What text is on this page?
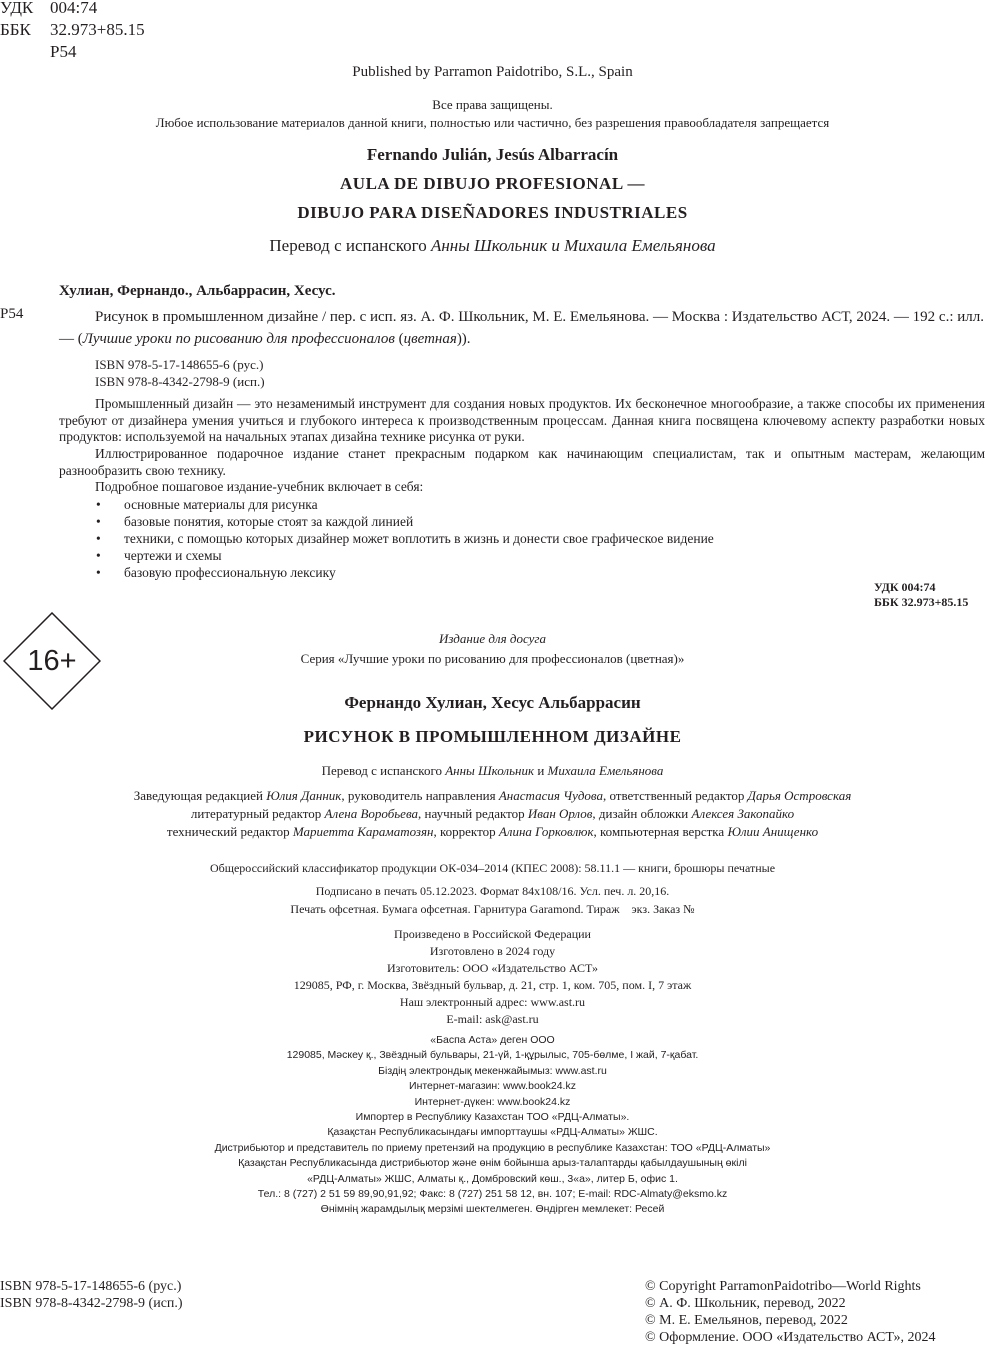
УДК 004:74
ББК 32.973+85.15
Р54
Published by Parramon Paidotribo, S.L., Spain
Все права защищены.
Любое использование материалов данной книги, полностью или частично, без разрешения правообладателя запрещается
Fernando Julián, Jesús Albarracín
AULA DE DIBUJO PROFESIONAL —
DIBUJO PARA DISEÑADORES INDUSTRIALES
Перевод с испанского Анны Школьник и Михаила Емельянова
Хулиан, Фернандо., Альбаррасин, Хесус.
Р54	Рисунок в промышленном дизайне / пер. с исп. яз. А. Ф. Школьник, М. Е. Емельянова. — Москва : Издательство АСТ, 2024. — 192 с.: илл. — (Лучшие уроки по рисованию для профессионалов (цветная)).
ISBN 978-5-17-148655-6 (рус.)
ISBN 978-8-4342-2798-9 (исп.)
Промышленный дизайн — это незаменимый инструмент для создания новых продуктов. Их бесконечное многообразие, а также способы их применения требуют от дизайнера умения учиться и глубокого интереса к производственным процессам. Данная книга посвящена ключевому аспекту разработки новых продуктов: используемой на начальных этапах дизайна технике рисунка от руки.
Иллюстрированное подарочное издание станет прекрасным подарком как начинающим специалистам, так и опытным мастерам, желающим разнообразить свою технику.
Подробное пошаговое издание-учебник включает в себя:
• основные материалы для рисунка
• базовые понятия, которые стоят за каждой линией
• техники, с помощью которых дизайнер может воплотить в жизнь и донести свое графическое видение
• чертежи и схемы
• базовую профессиональную лексику
УДК 004:74
ББК 32.973+85.15
16+
Издание для досуга
Серия «Лучшие уроки по рисованию для профессионалов (цветная)»
Фернандо Хулиан, Хесус Альбаррасин
РИСУНОК В ПРОМЫШЛЕННОМ ДИЗАЙНЕ
Перевод с испанского Анны Школьник и Михаила Емельянова
Заведующая редакцией Юлия Данник, руководитель направления Анастасия Чудова, ответственный редактор Дарья Островская
литературный редактор Алена Воробьева, научный редактор Иван Орлов, дизайн обложки Алексея Закопайко
технический редактор Мариетта Караматозян, корректор Алина Горковлюк, компьютерная верстка Юлии Анищенко
Общероссийский классификатор продукции ОК-034–2014 (КПЕС 2008): 58.11.1 — книги, брошюры печатные
Подписано в печать 05.12.2023. Формат 84х108/16. Усл. печ. л. 20,16.
Печать офсетная. Бумага офсетная. Гарнитура Garamond. Тираж    экз. Заказ №
Произведено в Российской Федерации
Изготовлено в 2024 году
Изготовитель: ООО «Издательство АСТ»
129085, РФ, г. Москва, Звёздный бульвар, д. 21, стр. 1, ком. 705, пом. I, 7 этаж
Наш электронный адрес: www.ast.ru
E-mail: ask@ast.ru
«Баспа Аста» деген ООО
129085, Мәскеу қ., Звёздный бульвары, 21-үй, 1-құрылыс, 705-бөлме, I жай, 7-қабат.
Біздің электрондық мекенжайымыз: www.ast.ru
Интернет-магазин: www.book24.kz
Интернет-дүкен: www.book24.kz
Импортер в Республику Казахстан ТОО «РДЦ-Алматы».
Қазақстан Республикасындағы импорттаушы «РДЦ-Алматы» ЖШС.
Дистрибьютор и представитель по приему претензий на продукцию в республике Казахстан: ТОО «РДЦ-Алматы»
Қазақстан Республикасында дистрибьютор және өнім бойынша арыз-талаптарды қабылдаушының өкілі
«РДЦ-Алматы» ЖШС, Алматы қ., Домбровский көш., 3«а», литер Б, офис 1.
Тел.: 8 (727) 2 51 59 89,90,91,92; Факс: 8 (727) 251 58 12, вн. 107; E-mail: RDC-Almaty@eksmo.kz
Өнімнің жарамдылық мерзімі шектелмеген. Өндірген мемлекет: Ресей
ISBN 978-5-17-148655-6 (рус.)
ISBN 978-8-4342-2798-9 (исп.)
© Copyright ParramonPaidotribo—World Rights
© А. Ф. Школьник, перевод, 2022
© М. Е. Емельянов, перевод, 2022
© Оформление. ООО «Издательство АСТ», 2024
